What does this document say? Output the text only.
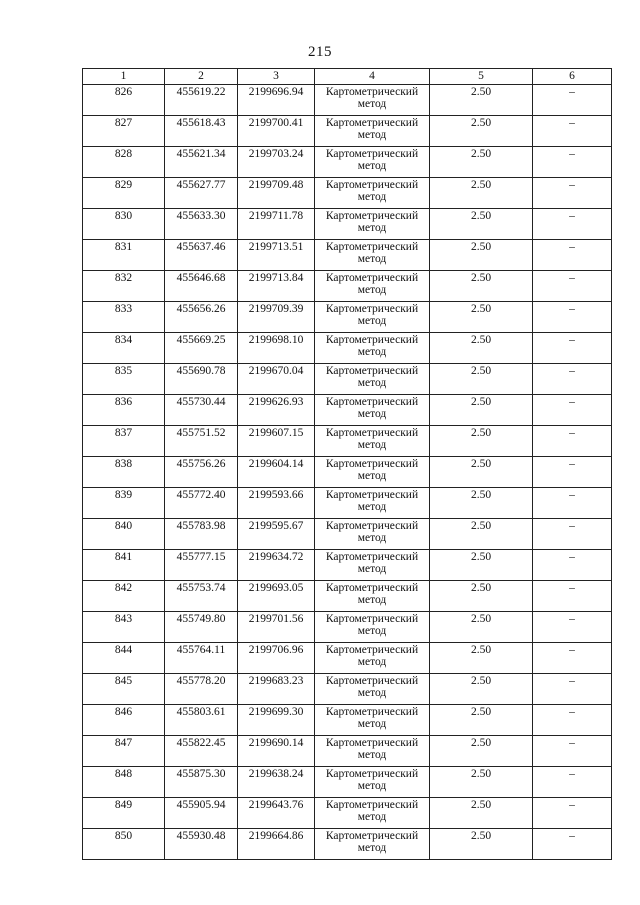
215
1	2	3	4	5	6
826	455619.22	2199696.94	Картометрический метод	2.50	–
827	455618.43	2199700.41	Картометрический метод	2.50	–
828	455621.34	2199703.24	Картометрический метод	2.50	–
829	455627.77	2199709.48	Картометрический метод	2.50	–
830	455633.30	2199711.78	Картометрический метод	2.50	–
831	455637.46	2199713.51	Картометрический метод	2.50	–
832	455646.68	2199713.84	Картометрический метод	2.50	–
833	455656.26	2199709.39	Картометрический метод	2.50	–
834	455669.25	2199698.10	Картометрический метод	2.50	–
835	455690.78	2199670.04	Картометрический метод	2.50	–
836	455730.44	2199626.93	Картометрический метод	2.50	–
837	455751.52	2199607.15	Картометрический метод	2.50	–
838	455756.26	2199604.14	Картометрический метод	2.50	–
839	455772.40	2199593.66	Картометрический метод	2.50	–
840	455783.98	2199595.67	Картометрический метод	2.50	–
841	455777.15	2199634.72	Картометрический метод	2.50	–
842	455753.74	2199693.05	Картометрический метод	2.50	–
843	455749.80	2199701.56	Картометрический метод	2.50	–
844	455764.11	2199706.96	Картометрический метод	2.50	–
845	455778.20	2199683.23	Картометрический метод	2.50	–
846	455803.61	2199699.30	Картометрический метод	2.50	–
847	455822.45	2199690.14	Картометрический метод	2.50	–
848	455875.30	2199638.24	Картометрический метод	2.50	–
849	455905.94	2199643.76	Картометрический метод	2.50	–
850	455930.48	2199664.86	Картометрический метод	2.50	–
